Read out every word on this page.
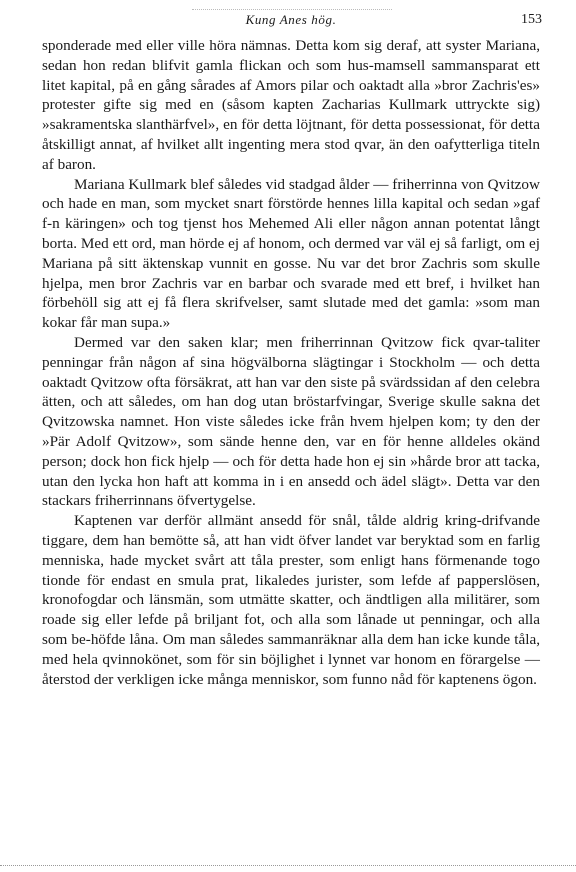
Kung Anes hög.	153

sponderade med eller ville höra nämnas. Detta kom sig deraf, att syster Mariana, sedan hon redan blifvit gamla flickan och som hus-mamsell sammansparat ett litet kapital, på en gång sårades af Amors pilar och oaktadt alla »bror Zachris'es» protester gifte sig med en (såsom kapten Zacharias Kullmark uttryckte sig) »sakramentska slanthärfvel», en för detta löjtnant, för detta possessionat, för detta åtskilligt annat, af hvilket allt ingenting mera stod qvar, än den oafytterliga titeln af baron.

Mariana Kullmark blef således vid stadgad ålder — friherrinna von Qvitzow och hade en man, som mycket snart förstörde hennes lilla kapital och sedan »gaf f-n käringen» och tog tjenst hos Mehemed Ali eller någon annan potentat långt borta. Med ett ord, man hörde ej af honom, och dermed var väl ej så farligt, om ej Mariana på sitt äktenskap vunnit en gosse. Nu var det bror Zachris som skulle hjelpa, men bror Zachris var en barbar och svarade med ett bref, i hvilket han förbehöll sig att ej få flera skrifvelser, samt slutade med det gamla: »som man kokar får man supa.»

Dermed var den saken klar; men friherrinnan Qvitzow fick qvar-taliter penningar från någon af sina högvälborna slägtingar i Stockholm — och detta oaktadt Qvitzow ofta försäkrat, att han var den siste på svärdssidan af den celebra ätten, och att således, om han dog utan bröstarfvingar, Sverige skulle sakna det Qvitzowska namnet. Hon viste således icke från hvem hjelpen kom; ty den der »Pär Adolf Qvitzow», som sände henne den, var en för henne alldeles okänd person; dock hon fick hjelp — och för detta hade hon ej sin »hårde bror att tacka, utan den lycka hon haft att komma in i en ansedd och ädel slägt». Detta var den stackars friherrinnans öfvertygelse.

Kaptenen var derför allmänt ansedd för snål, tålde aldrig kring-drifvande tiggare, dem han bemötte så, att han vidt öfver landet var beryktad som en farlig menniska, hade mycket svårt att tåla prester, som enligt hans förmenande togo tionde för endast en smula prat, likaledes jurister, som lefde af papperslösen, kronofogdar och länsmän, som utmätte skatter, och ändtligen alla militärer, som roade sig eller lefde på briljant fot, och alla som lånade ut penningar, och alla som be-höfde låna. Om man således sammanräknar alla dem han icke kunde tåla, med hela qvinnokönet, som för sin böjlighet i lynnet var honom en förargelse — återstod der verkligen icke många menniskor, som funno nåd för kaptenens ögon.
